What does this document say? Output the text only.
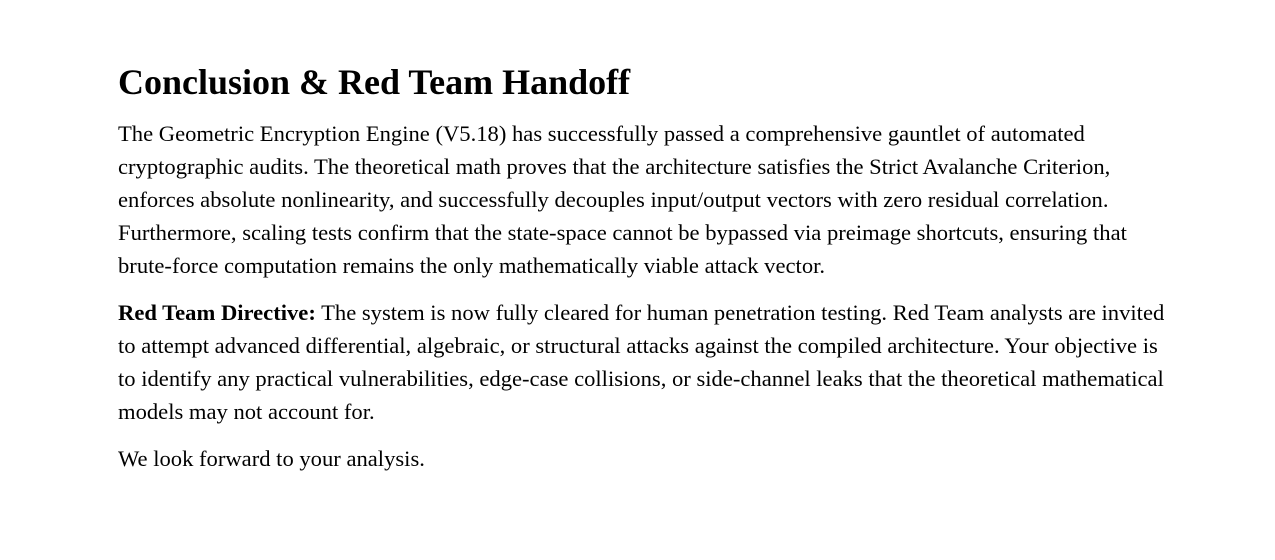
Conclusion & Red Team Handoff

The Geometric Encryption Engine (V5.18) has successfully passed a comprehensive gauntlet of automated cryptographic audits. The theoretical math proves that the architecture satisfies the Strict Avalanche Criterion, enforces absolute nonlinearity, and successfully decouples input/output vectors with zero residual correlation. Furthermore, scaling tests confirm that the state-space cannot be bypassed via preimage shortcuts, ensuring that brute-force computation remains the only mathematically viable attack vector.

Red Team Directive: The system is now fully cleared for human penetration testing. Red Team analysts are invited to attempt advanced differential, algebraic, or structural attacks against the compiled architecture. Your objective is to identify any practical vulnerabilities, edge-case collisions, or side-channel leaks that the theoretical mathematical models may not account for.

We look forward to your analysis.
